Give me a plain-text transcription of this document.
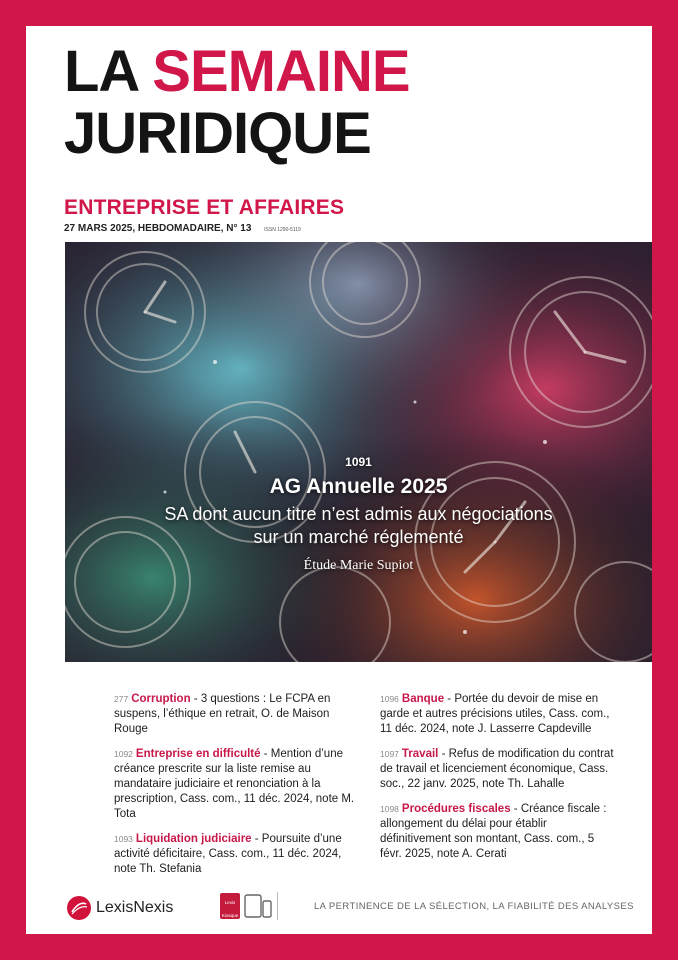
LA SEMAINE
JURIDIQUE
ENTREPRISE ET AFFAIRES
27 MARS 2025, HEBDOMADAIRE, N° 13	ISSN 1290-5119
1091
AG Annuelle 2025
SA dont aucun titre n’est admis aux négociations
sur un marché réglementé
Étude Marie Supiot
277 Corruption - 3 questions : Le FCPA en suspens, l’éthique en retrait, O. de Maison Rouge
1092 Entreprise en difficulté - Mention d’une créance prescrite sur la liste remise au mandataire judiciaire et renonciation à la prescription, Cass. com., 11 déc. 2024, note M. Tota
1093 Liquidation judiciaire - Poursuite d’une activité déficitaire, Cass. com., 11 déc. 2024, note Th. Stefania
1096 Banque - Portée du devoir de mise en garde et autres précisions utiles, Cass. com., 11 déc. 2024, note J. Lasserre Capdeville
1097 Travail - Refus de modification du contrat de travail et licenciement économique, Cass. soc., 22 janv. 2025, note Th. Lahalle
1098 Procédures fiscales - Créance fiscale : allongement du délai pour établir définitivement son montant, Cass. com., 5 févr. 2025, note A. Cerati
LexisNexis	Lexis
Kiosque
LA PERTINENCE DE LA SÉLECTION, LA FIABILITÉ DES ANALYSES
